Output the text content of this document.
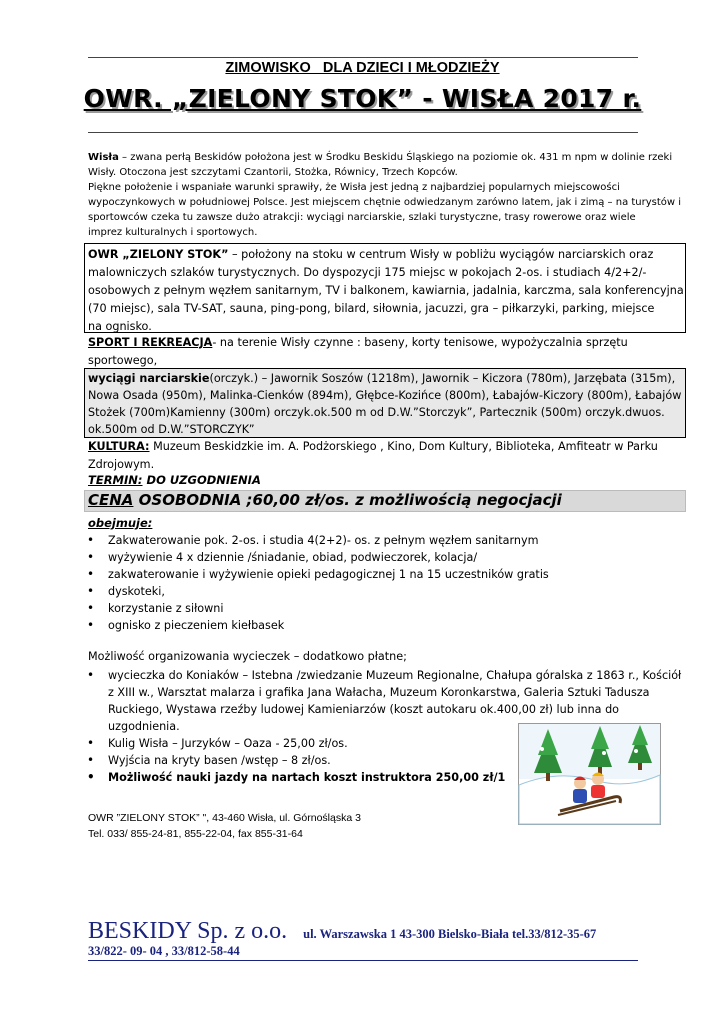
ZIMOWISKO   DLA DZIECI I MŁODZIEŻY
OWR. „ZIELONY STOK” - WISŁA 2017 r.
Wisła – zwana perłą Beskidów położona jest w Środku Beskidu Śląskiego na poziomie ok. 431 m npm w dolinie rzeki
Wisły. Otoczona jest szczytami Czantorii, Stożka, Równicy, Trzech Kopców.
Piękne położenie i wspaniałe warunki sprawiły, że Wisła jest jedną z najbardziej popularnych miejscowości
wypoczynkowych w południowej Polsce. Jest miejscem chętnie odwiedzanym zarówno latem, jak i zimą – na turystów i
sportowców czeka tu zawsze dużo atrakcji: wyciągi narciarskie, szlaki turystyczne, trasy rowerowe oraz wiele
imprez kulturalnych i sportowych.
OWR „ZIELONY STOK” – położony na stoku w centrum Wisły w pobliżu wyciągów narciarskich oraz
malowniczych szlaków turystycznych. Do dyspozycji 175 miejsc w pokojach 2-os. i studiach 4/2+2/-
osobowych z pełnym węzłem sanitarnym, TV i balkonem, kawiarnia, jadalnia, karczma, sala konferencyjna
(70 miejsc), sala TV-SAT, sauna, ping-pong, bilard, siłownia, jacuzzi, gra – piłkarzyki, parking, miejsce
na ognisko.
SPORT I REKREACJA- na terenie Wisły czynne : baseny, korty tenisowe, wypożyczalnia sprzętu
sportowego,
wyciągi narciarskie(orczyk.) – Jawornik Soszów (1218m), Jawornik – Kiczora (780m), Jarzębata (315m),
Nowa Osada (950m), Malinka-Cienków (894m), Głębce-Kozińce (800m), Łabajów-Kiczory (800m), Łabajów
Stożek (700m)Kamienny (300m) orczyk.ok.500 m od D.W.”Storczyk”, Partecznik (500m) orczyk.dwuos.
ok.500m od D.W.”STORCZYK”
KULTURA: Muzeum Beskidzkie im. A. Podżorskiego , Kino, Dom Kultury, Biblioteka, Amfiteatr w Parku
Zdrojowym.
TERMIN: DO UZGODNIENIA
CENA OSOBODNIA ;60,00 zł/os. z możliwością negocjacji
obejmuje:
• Zakwaterowanie pok. 2-os. i studia 4(2+2)- os. z pełnym węzłem sanitarnym
• wyżywienie 4 x dziennie /śniadanie, obiad, podwieczorek, kolacja/
• zakwaterowanie i wyżywienie opieki pedagogicznej 1 na 15 uczestników gratis
• dyskoteki,
• korzystanie z siłowni
• ognisko z pieczeniem kiełbasek
Możliwość organizowania wycieczek – dodatkowo płatne;
• wycieczka do Koniaków – Istebna /zwiedzanie Muzeum Regionalne, Chałupa góralska z 1863 r., Kościół
z XIII w., Warsztat malarza i grafika Jana Wałacha, Muzeum Koronkarstwa, Galeria Sztuki Tadusza
Ruckiego, Wystawa rzeźby ludowej Kamieniarzów (koszt autokaru ok.400,00 zł) lub inna do
uzgodnienia.
• Kulig Wisła – Jurzyków – Oaza - 25,00 zł/os.
• Wyjścia na kryty basen /wstęp – 8 zł/os.
• Możliwość nauki jazdy na nartach koszt instruktora 250,00 zł/1
OWR ”ZIELONY STOK” ", 43-460 Wisła, ul. Górnośląska 3
Tel. 033/ 855-24-81, 855-22-04, fax 855-31-64
BESKIDY Sp. z o.o. ul. Warszawska 1 43-300 Bielsko-Biała tel.33/812-35-67
33/822- 09- 04 , 33/812-58-44
